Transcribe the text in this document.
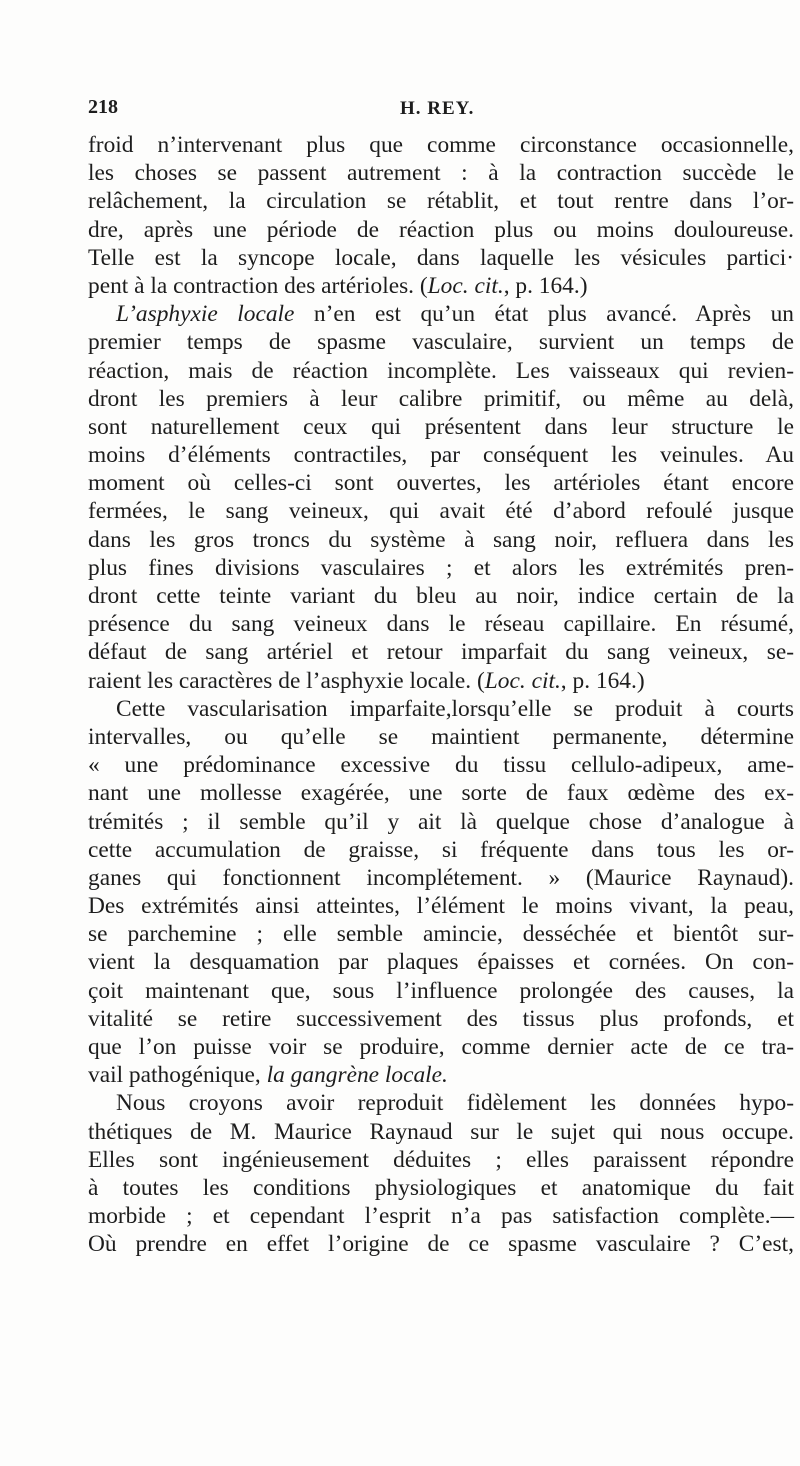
218	H. REY.
froid n’intervenant plus que comme circonstance occasionnelle,
les choses se passent autrement : à la contraction succède le
relâchement, la circulation se rétablit, et tout rentre dans l’or-
dre, après une période de réaction plus ou moins douloureuse.
Telle est la syncope locale, dans laquelle les vésicules partici·
pent à la contraction des artérioles. (Loc. cit., p. 164.)
L’asphyxie locale n’en est qu’un état plus avancé. Après un
premier temps de spasme vasculaire, survient un temps de
réaction, mais de réaction incomplète. Les vaisseaux qui revien-
dront les premiers à leur calibre primitif, ou même au delà,
sont naturellement ceux qui présentent dans leur structure le
moins d’éléments contractiles, par conséquent les veinules. Au
moment où celles-ci sont ouvertes, les artérioles étant encore
fermées, le sang veineux, qui avait été d’abord refoulé jusque
dans les gros troncs du système à sang noir, refluera dans les
plus fines divisions vasculaires ; et alors les extrémités pren-
dront cette teinte variant du bleu au noir, indice certain de la
présence du sang veineux dans le réseau capillaire. En résumé,
défaut de sang artériel et retour imparfait du sang veineux, se-
raient les caractères de l’asphyxie locale. (Loc. cit., p. 164.)
Cette vascularisation imparfaite,lorsqu’elle se produit à courts
intervalles, ou qu’elle se maintient permanente, détermine
« une prédominance excessive du tissu cellulo-adipeux, ame-
nant une mollesse exagérée, une sorte de faux œdème des ex-
trémités ; il semble qu’il y ait là quelque chose d’analogue à
cette accumulation de graisse, si fréquente dans tous les or-
ganes qui fonctionnent incomplétement. » (Maurice Raynaud).
Des extrémités ainsi atteintes, l’élément le moins vivant, la peau,
se parchemine ; elle semble amincie, desséchée et bientôt sur-
vient la desquamation par plaques épaisses et cornées. On con-
çoit maintenant que, sous l’influence prolongée des causes, la
vitalité se retire successivement des tissus plus profonds, et
que l’on puisse voir se produire, comme dernier acte de ce tra-
vail pathogénique, la gangrène locale.
Nous croyons avoir reproduit fidèlement les données hypo-
thétiques de M. Maurice Raynaud sur le sujet qui nous occupe.
Elles sont ingénieusement déduites ; elles paraissent répondre
à toutes les conditions physiologiques et anatomique du fait
morbide ; et cependant l’esprit n’a pas satisfaction complète.—
Où prendre en effet l’origine de ce spasme vasculaire ? C’est,
